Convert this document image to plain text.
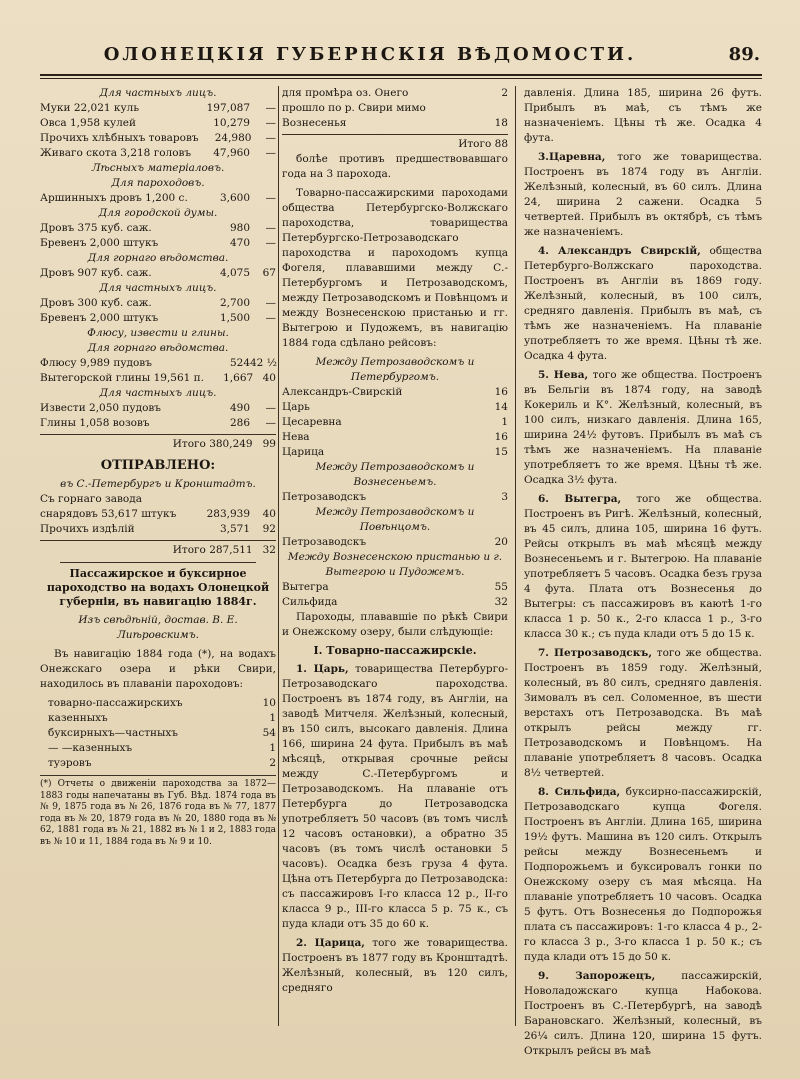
ОЛОНЕЦКІЯ ГУБЕРНСКІЯ ВѢДОМОСТИ.	89.

Для частныхъ лицъ.

Муки 22,021 куль	197,087	—
Овса 1,958 кулей	10,279	—
Прочихъ хлѣбныхъ товаровъ	24,980	—
Живаго скота 3,218 головъ	47,960	—

Лѣсныхъ матеріаловъ.

Для пароходовъ.

Аршинныхъ дровъ 1,200 с.	3,600	—

Для городской думы.

Дровъ 375 куб. саж.	980	—
Бревенъ 2,000 штукъ	470	—

Для горнаго вѣдомства.

Дровъ 907 куб. саж.	4,075	67

Для частныхъ лицъ.

Дровъ 300 куб. саж.	2,700	—
Бревенъ 2,000 штукъ	1,500	—

Флюсу, извести и глины.

Для горнаго вѣдомства.

Флюсу 9,989 пудовъ	524 42 ½
Вытегорской глины 19,561 п.	1,667 40

Для частныхъ лицъ.

Извести 2,050 пудовъ	490	—
Глины 1,058 возовъ	286	—
Итого 380,249   99
ОТПРАВЛЕНО:

въ С.-Петербургъ и Кронштадтъ.

Съ горнаго завода снарядовъ 53,617 штукъ	283,939	40
Прочихъ издѣлій	3,571	92
Итого 287,511   32
Пассажирское и буксирное пароходство на водахъ Олонецкой губерніи, въ навигацію 1884г.
Изъ свѣдѣній, достав. В. Е. Лиѣровскимъ.

Въ навигацію 1884 года (*), на водахъ Онежскаго озера и рѣки Свири, находилось въ плаваніи пароходовъ:

товарно-пассажирскихъ	10
казенныхъ	1
буксирныхъ—частныхъ	54
— —казенныхъ	1
туэровъ	2
(*) Отчеты о движеніи пароходства за 1872—1883 годы напечатаны въ Губ. Вѣд. 1874 года въ № 9, 1875 года въ № 26, 1876 года въ № 77, 1877 года въ № 20, 1879 года въ № 20, 1880 года въ № 62, 1881 года въ № 21, 1882 въ № 1 и 2, 1883 года въ № 10 и 11, 1884 года въ № 9 и 10.
для промѣра оз. Онего	2
прошло по р. Свири мимо
Вознесенья	18
Итого 88

болѣе противъ предшествовавшаго года на 3 парохода.

Товарно-пассажирскими пароходами общества Петербургско-Волжскаго пароходства, товарищества Петербургско-Петрозаводскаго пароходства и пароходомъ купца Фогеля, плававшими между С.-Петербургомъ и Петрозаводскомъ, между Петрозаводскомъ и Повѣнцомъ и между Вознесенскою пристанью и гг. Вытегрою и Пудожемъ, въ навигацію 1884 года сдѣлано рейсовъ:

Между Петрозаводскомъ и Петербургомъ.

Александръ-Свирскій	16
Царь	14
Цесаревна	1
Нева	16
Царица	15

Между Петрозаводскомъ и Вознесеньемъ.

Петрозаводскъ	3

Между Петрозаводскомъ и Повѣнцомъ.

Петрозаводскъ	20

Между Вознесенскою пристанью и г. Вытегрою и Пудожемъ.

Вытегра	55
Сильфида	32

Пароходы, плававшіе по рѣкѣ Свири и Онежскому озеру, были слѣдующіе:

I. Товарно-пассажирскіе.

1. Царь, товарищества Петербурго-Петрозаводскаго пароходства. Построенъ въ 1874 году, въ Англіи, на заводѣ Митчеля. Желѣзный, колесный, въ 150 силъ, высокаго давленія. Длина 166, ширина 24 фута. Прибылъ въ маѣ мѣсяцѣ, открывая срочные рейсы между С.-Петербургомъ и Петрозаводскомъ. На плаваніе отъ Петербурга до Петрозаводска употребляетъ 50 часовъ (въ томъ числѣ 12 часовъ остановки), а обратно 35 часовъ (въ томъ числѣ остановки 5 часовъ). Осадка безъ груза 4 фута. Цѣна отъ Петербурга до Петрозаводска: съ пассажировъ I-го класса 12 р., II-го класса 9 р., III-го класса 5 р. 75 к., съ пуда клади отъ 35 до 60 к.

2. Царица, того же товарищества. Построенъ въ 1877 году въ Кронштадтѣ. Желѣзный, колесный, въ 120 силъ, средняго

давленія. Длина 185, ширина 26 футъ. Прибылъ въ маѣ, съ тѣмъ же назначеніемъ. Цѣны тѣ же. Осадка 4 фута.

3.Царевна, того же товарищества. Построенъ въ 1874 году въ Англіи. Желѣзный, колесный, въ 60 силъ. Длина 24, ширина 2 сажени. Осадка 5 четвертей. Прибылъ въ октябрѣ, съ тѣмъ же назначеніемъ.

4. Александръ Свирскій, общества Петербурго-Волжскаго пароходства. Построенъ въ Англіи въ 1869 году. Желѣзный, колесный, въ 100 силъ, средняго давленія. Прибылъ въ маѣ, съ тѣмъ же назначеніемъ. На плаваніе употребляетъ то же время. Цѣны тѣ же. Осадка 4 фута.

5. Нева, того же общества. Построенъ въ Бельгіи въ 1874 году, на заводѣ Кокериль и К°. Желѣзный, колесный, въ 100 силъ, низкаго давленія. Длина 165, ширина 24½ футовъ. Прибылъ въ маѣ съ тѣмъ же назначеніемъ. На плаваніе употребляетъ то же время. Цѣны тѣ же. Осадка 3½ фута.

6. Вытегра, того же общества. Построенъ въ Ригѣ. Желѣзный, колесный, въ 45 силъ, длина 105, ширина 16 футъ. Рейсы открылъ въ маѣ мѣсяцѣ между Вознесеньемъ и г. Вытегрою. На плаваніе употребляетъ 5 часовъ. Осадка безъ груза 4 фута. Плата отъ Вознесенья до Вытегры: съ пассажировъ въ каютѣ 1-го класса 1 р. 50 к., 2-го класса 1 р., 3-го класса 30 к.; съ пуда клади отъ 5 до 15 к.

7. Петрозаводскъ, того же общества. Построенъ въ 1859 году. Желѣзный, колесный, въ 80 силъ, средняго давленія. Зимовалъ въ сел. Соломенное, въ шести верстахъ отъ Петрозаводска. Въ маѣ открылъ рейсы между гг. Петрозаводскомъ и Повѣнцомъ. На плаваніе употребляетъ 8 часовъ. Осадка 8½ четвертей.

8. Сильфида, буксирно-пассажирскій, Петрозаводскаго купца Фогеля. Построенъ въ Англіи. Длина 165, ширина 19½ футъ. Машина въ 120 силъ. Открылъ рейсы между Вознесеньемъ и Подпорожьемъ и буксировалъ гонки по Онежскому озеру съ мая мѣсяца. На плаваніе употребляетъ 10 часовъ. Осадка 5 футъ. Отъ Вознесенья до Подпорожья плата съ пассажировъ: 1-го класса 4 р., 2-го класса 3 р., 3-го класса 1 р. 50 к.; съ пуда клади отъ 15 до 50 к.

9. Запорожецъ, пассажирскій, Новоладожскаго купца Набокова. Построенъ въ С.-Петербургѣ, на заводѣ Барановскаго. Желѣзный, колесный, въ 26¼ силъ. Длина 120, ширина 15 футъ. Открылъ рейсы въ маѣ
